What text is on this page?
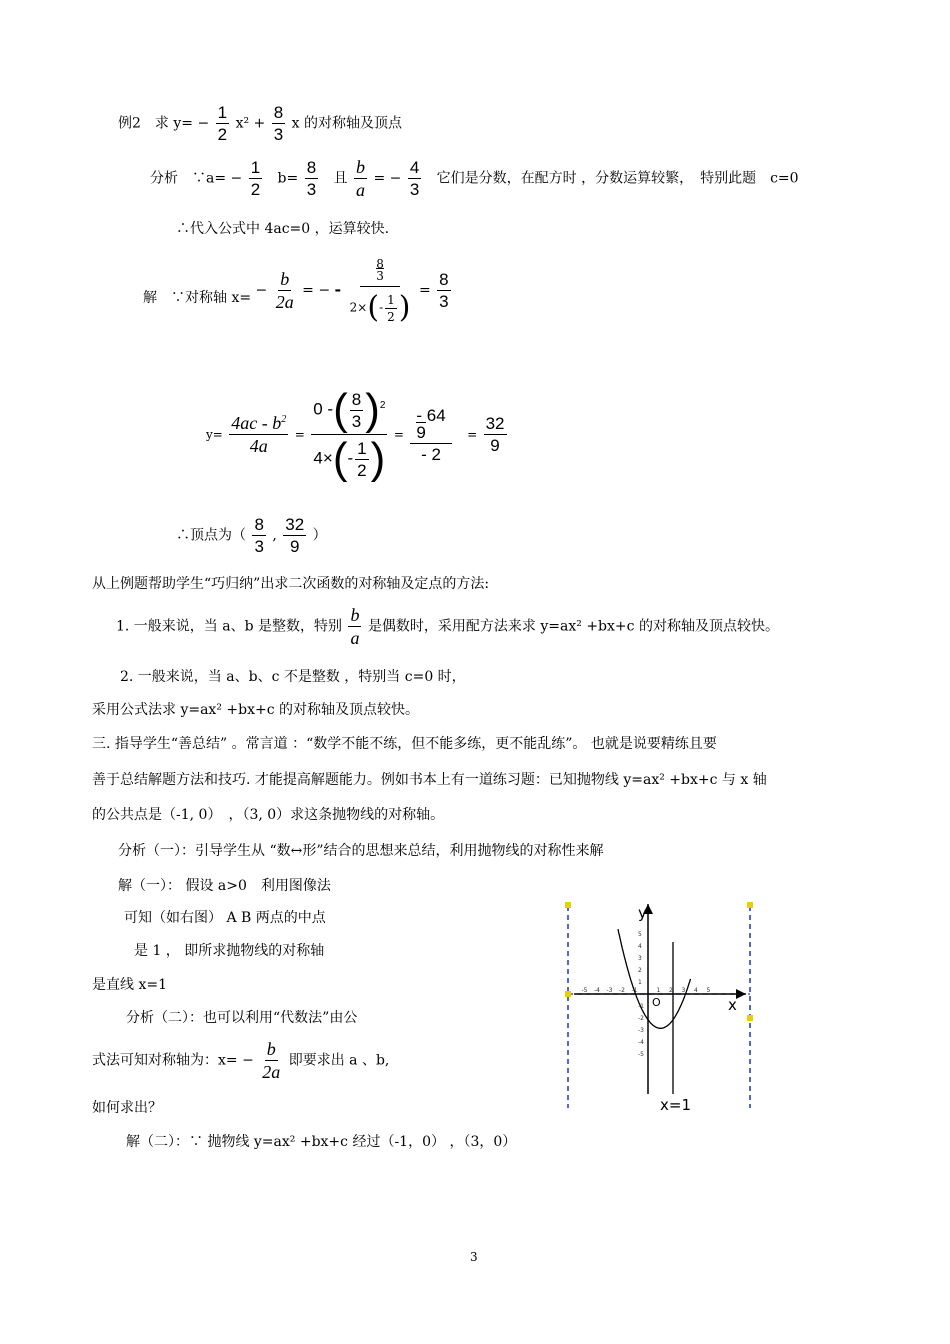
例2　求 $y= - \frac{1}{2} x^2 + \frac{8}{3}$ x 的对称轴及顶点
分析　∵a= − $\frac{1}{2} b= \frac{8}{3}$ 且 $\frac{b}{a}$ = − $\frac{4}{3}$ 它们是分数，在配方时 ，分数运算较繁，　特别此题　c=0
∴代入公式中 4ac=0 ，运算较快.
解　∵对称轴 $x= - \frac{b}{2a}$ = − -
8
3
$2\times(- \frac{1}{2}$ ) = $\frac{8}{3}$
$y= \frac{4ac - b^2}{4a} = \frac{0 -( \frac{8}{3} )^2}{4\times(- \frac{1}{2} )}$ =
- 64
9
- 2
= $\frac{32}{9}$
∴顶点为（ $\frac{8}{3}$ , $\frac{32}{9}$ ）
从上例题帮助学生“巧归纳”出求二次函数的对称轴及定点的方法:
1. 一般来说，当 a、b 是整数，特别 $\frac{b}{a}$ 是偶数时，采用配方法来求 y=ax² +bx+c 的对称轴及顶点较快。
2. 一般来说，当 a、b、c 不是整数 ，特别当 c=0 时，
采用公式法求 y=ax² +bx+c 的对称轴及顶点较快。
三. 指导学生“善总结” 。常言道 ：“数学不能不练，但不能多练，更不能乱练”。 也就是说要精练且要
善于总结解题方法和技巧. 才能提高解题能力。例如书本上有一道练习题：已知抛物线 y=ax² +bx+c 与 x 轴
的公共点是（-1, 0）　，（3, 0）求这条抛物线的对称轴。
分析（一）：引导学生从 “数↔形”结合的思想来总结，利用抛物线的对称性来解
解（一）： 假设 a>0　利用图像法
可知（如右图） A B 两点的中点
是 1 ， 即所求抛物线的对称轴
是直线 x=1
分析（二）：也可以利用“代数法”由公
式法可知对称轴为：$x= - \frac{b}{2a}$ 即要求出 a 、b,
如何求出？
解（二）：∵ 抛物线 y=ax² +bx+c 经过（-1，0） ，（3，0）
-5 -4 -3 -2 -1	1 2 3 4 5
-5
-4
-3
-2
-1
1
2
3
4
5
y
x
O
x=1
3
